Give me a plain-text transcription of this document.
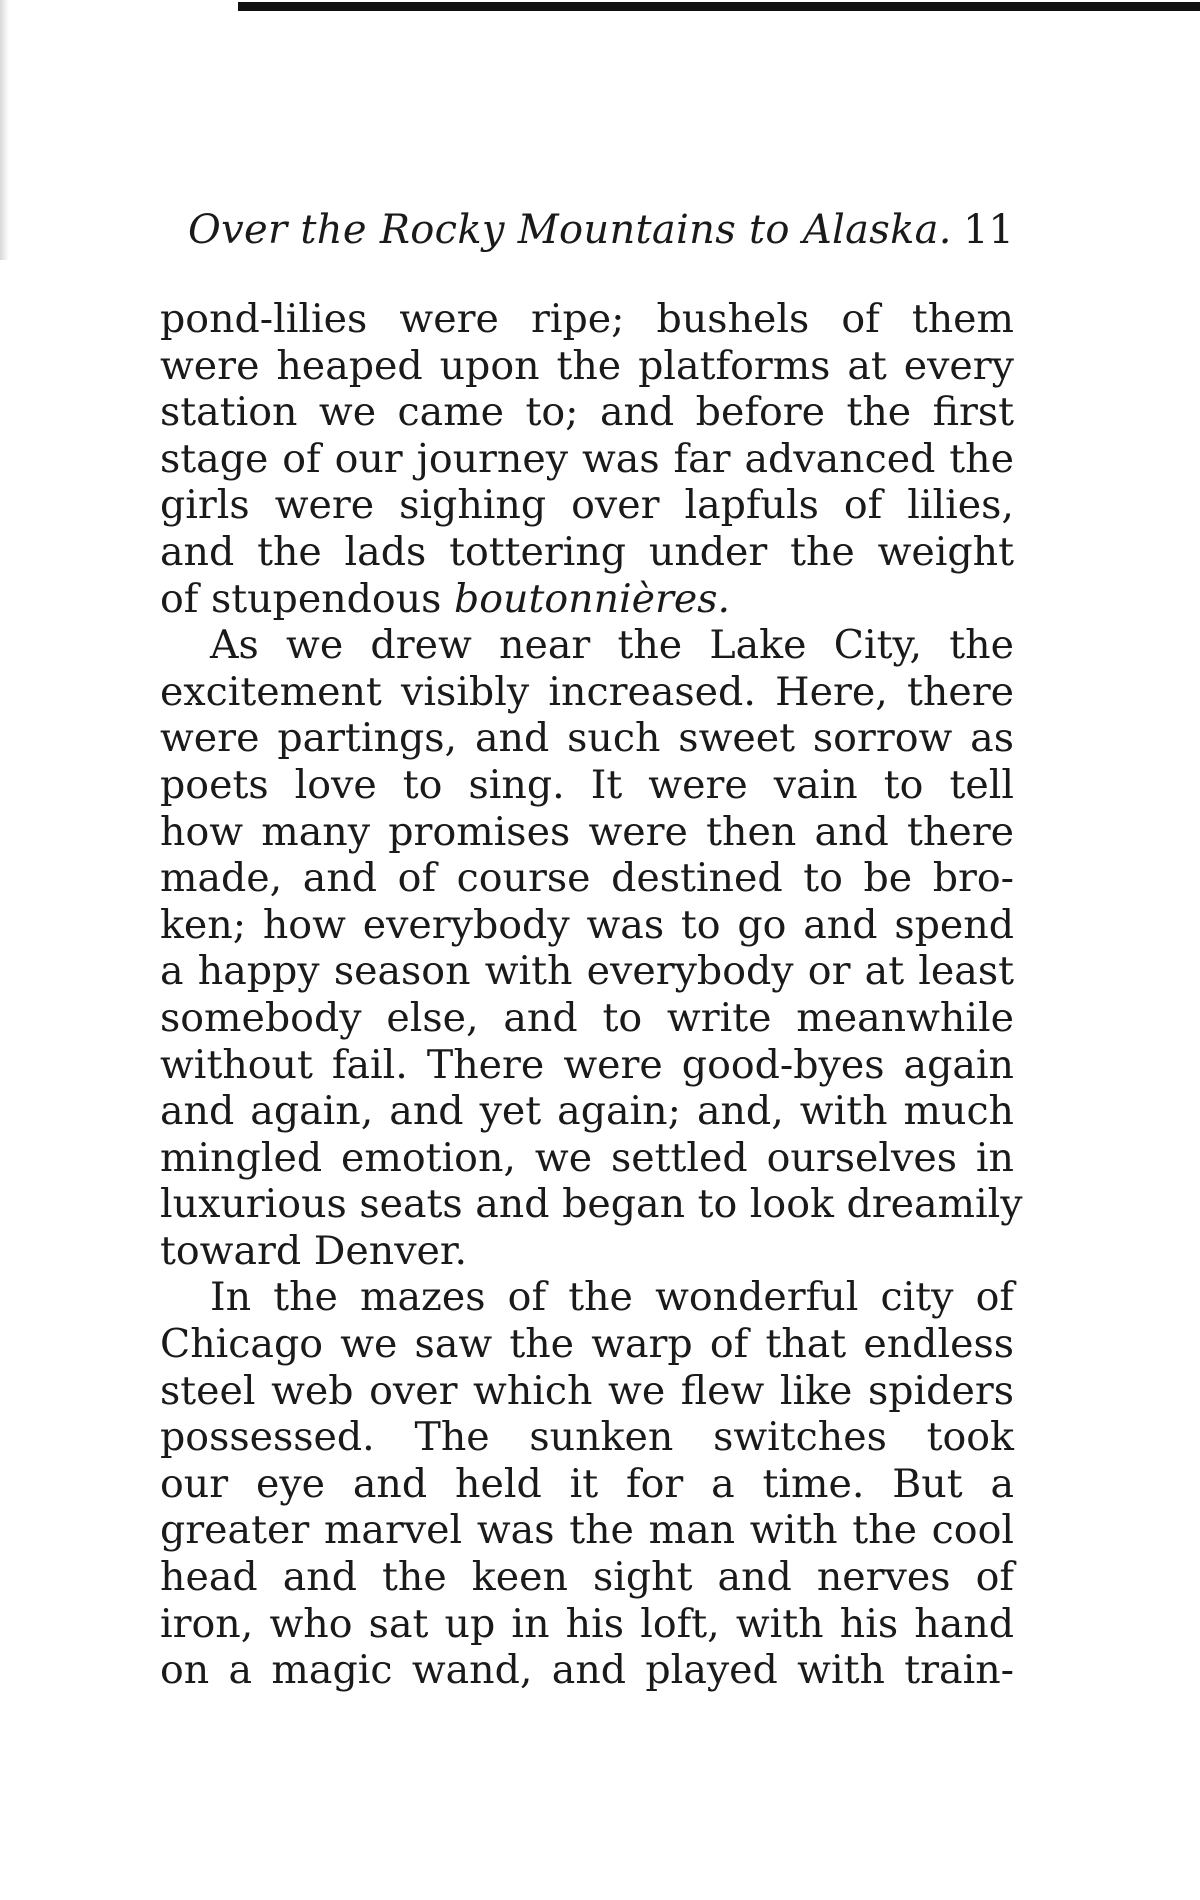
Over the Rocky Mountains to Alaska. 11
pond-lilies were ripe; bushels of them
were heaped upon the platforms at every
station we came to; and before the first
stage of our journey was far advanced the
girls were sighing over lapfuls of lilies,
and the lads tottering under the weight
of stupendous boutonnières.
As we drew near the Lake City, the
excitement visibly increased. Here, there
were partings, and such sweet sorrow as
poets love to sing. It were vain to tell
how many promises were then and there
made, and of course destined to be bro-
ken; how everybody was to go and spend
a happy season with everybody or at least
somebody else, and to write meanwhile
without fail. There were good-byes again
and again, and yet again; and, with much
mingled emotion, we settled ourselves in
luxurious seats and began to look dreamily
toward Denver.
In the mazes of the wonderful city of
Chicago we saw the warp of that endless
steel web over which we flew like spiders
possessed. The sunken switches took
our eye and held it for a time. But a
greater marvel was the man with the cool
head and the keen sight and nerves of
iron, who sat up in his loft, with his hand
on a magic wand, and played with train-
